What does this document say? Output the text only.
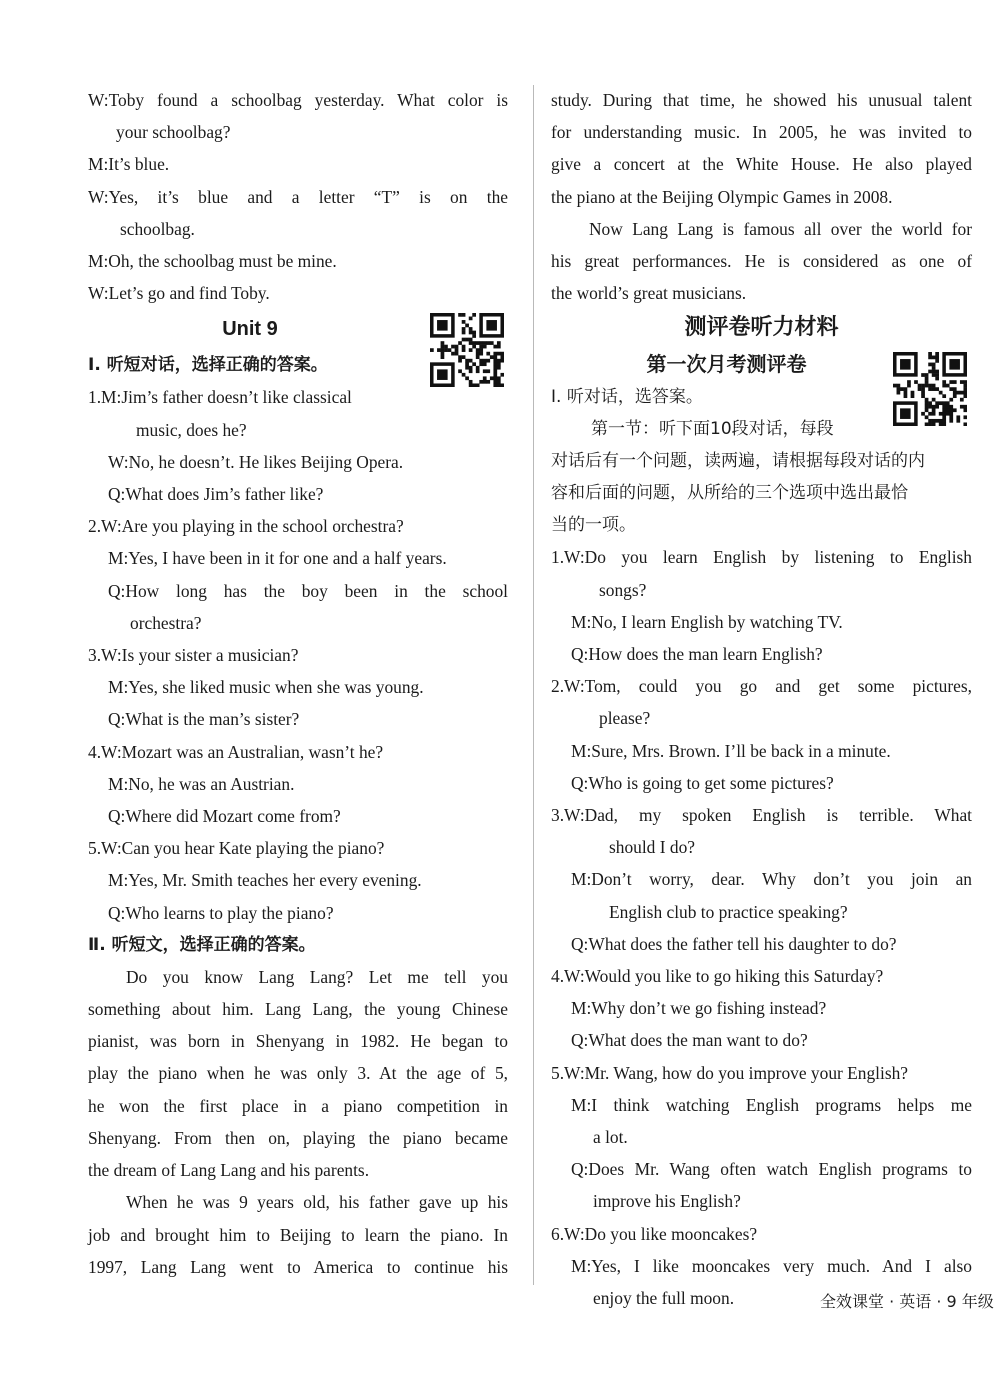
W: Toby found a schoolbag yesterday. What color is
your schoolbag?
M: It’s blue.
W: Yes, it’s blue and a letter “T” is on the
schoolbag.
M: Oh, the schoolbag must be mine.
W: Let’s go and find Toby.
Unit 9
Ⅰ. 听短对话，选择正确的答案。
1. M: Jim’s father doesn’t like classical
music, does he?
W: No, he doesn’t. He likes Beijing Opera.
Q: What does Jim’s father like?
2. W: Are you playing in the school orchestra?
M: Yes, I have been in it for one and a half years.
Q: How long has the boy been in the school
orchestra?
3. W: Is your sister a musician?
M: Yes, she liked music when she was young.
Q: What is the man’s sister?
4. W: Mozart was an Australian, wasn’t he?
M: No, he was an Austrian.
Q: Where did Mozart come from?
5. W: Can you hear Kate playing the piano?
M: Yes, Mr. Smith teaches her every evening.
Q: Who learns to play the piano?
Ⅱ. 听短文，选择正确的答案。
Do you know Lang Lang? Let me tell you
something about him. Lang Lang, the young Chinese
pianist, was born in Shenyang in 1982. He began to
play the piano when he was only 3. At the age of 5,
he won the first place in a piano competition in
Shenyang. From then on, playing the piano became
the dream of Lang Lang and his parents.
When he was 9 years old, his father gave up his
job and brought him to Beijing to learn the piano. In
1997, Lang Lang went to America to continue his
study. During that time, he showed his unusual talent
for understanding music. In 2005, he was invited to
give a concert at the White House. He also played
the piano at the Beijing Olympic Games in 2008.
Now Lang Lang is famous all over the world for
his great performances. He is considered as one of
the world’s great musicians.
测评卷听力材料
第一次月考测评卷
Ⅰ. 听对话，选答案。
第一节：听下面10段对话，每段
对话后有一个问题，读两遍，请根据每段对话的内
容和后面的问题，从所给的三个选项中选出最恰
当的一项。
1. W: Do you learn English by listening to English
songs?
M: No, I learn English by watching TV.
Q: How does the man learn English?
2. W: Tom, could you go and get some pictures,
please?
M: Sure, Mrs. Brown. I’ll be back in a minute.
Q: Who is going to get some pictures?
3. W: Dad, my spoken English is terrible. What
should I do?
M: Don’t worry, dear. Why don’t you join an
English club to practice speaking?
Q: What does the father tell his daughter to do?
4. W: Would you like to go hiking this Saturday?
M: Why don’t we go fishing instead?
Q: What does the man want to do?
5. W: Mr. Wang, how do you improve your English?
M: I think watching English programs helps me
a lot.
Q: Does Mr. Wang often watch English programs to
improve his English?
6. W: Do you like mooncakes?
M: Yes, I like mooncakes very much. And I also
enjoy the full moon.	全效课堂 · 英语 · 9 年级
